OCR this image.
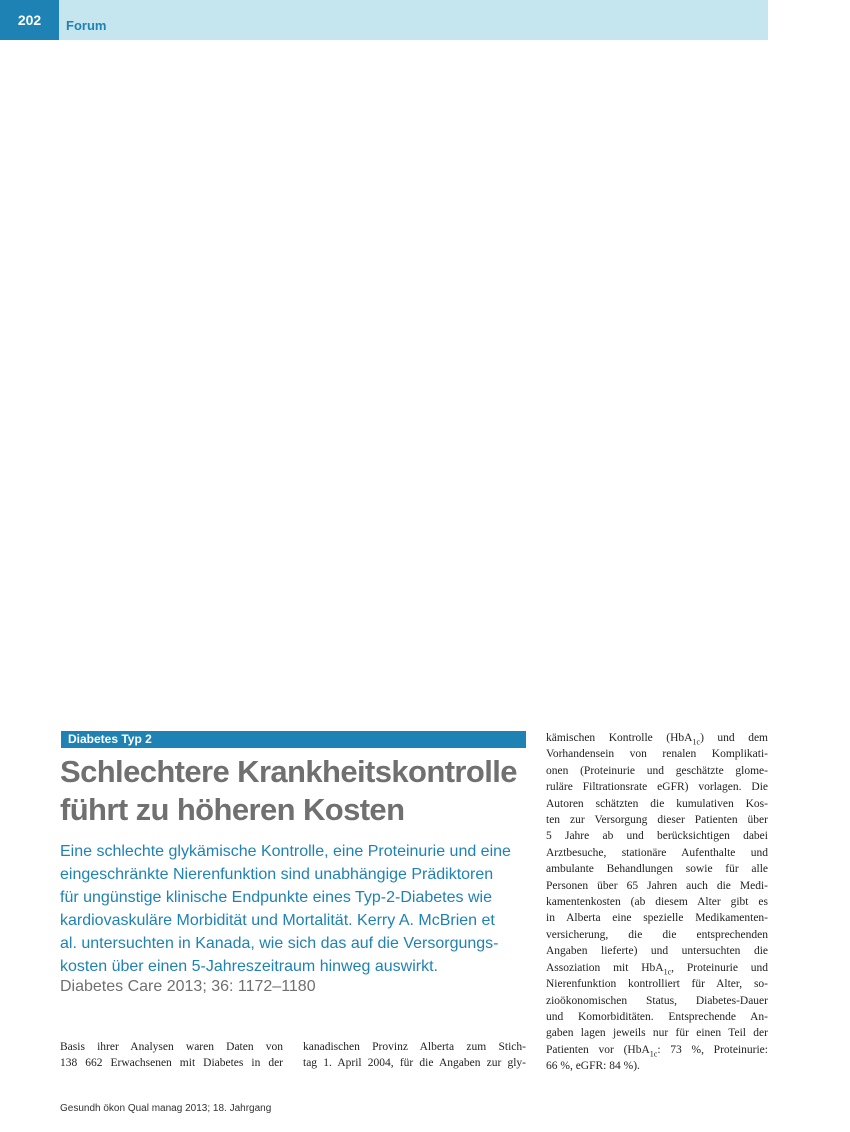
202	Forum
Diabetes Typ 2
Schlechtere Krankheitskontrolle
führt zu höheren Kosten
Eine schlechte glykämische Kontrolle, eine Proteinurie und eine
eingeschränkte Nierenfunktion sind unabhängige Prädiktoren
für ungünstige klinische Endpunkte eines Typ-2-Diabetes wie
kardiovaskuläre Morbidität und Mortalität. Kerry A. McBrien et
al. untersuchten in Kanada, wie sich das auf die Versorgungs-
kosten über einen 5-Jahreszeitraum hinweg auswirkt.
Diabetes Care 2013; 36: 1172–1180
Basis ihrer Analysen waren Daten von
138 662 Erwachsenen mit Diabetes in der
kanadischen Provinz Alberta zum Stich-
tag 1. April 2004, für die Angaben zur gly-
kämischen Kontrolle (HbA$_{1c}$) und dem
Vorhandensein von renalen Komplikati-
onen (Proteinurie und geschätzte glome-
ruläre Filtrationsrate eGFR) vorlagen. Die
Autoren schätzten die kumulativen Kos-
ten zur Versorgung dieser Patienten über
5 Jahre ab und berücksichtigen dabei
Arztbesuche, stationäre Aufenthalte und
ambulante Behandlungen sowie für alle
Personen über 65 Jahren auch die Medi-
kamentenkosten (ab diesem Alter gibt es
in Alberta eine spezielle Medikamenten-
versicherung, die die entsprechenden
Angaben lieferte) und untersuchten die
Assoziation mit HbA$_{1c}$, Proteinurie und
Nierenfunktion kontrolliert für Alter, so-
zioökonomischen Status, Diabetes-Dauer
und Komorbiditäten. Entsprechende An-
gaben lagen jeweils nur für einen Teil der
Patienten vor (HbA$_{1c}$: 73 %, Proteinurie:
66 %, eGFR: 84 %).
Gesundh ökon Qual manag 2013; 18. Jahrgang
